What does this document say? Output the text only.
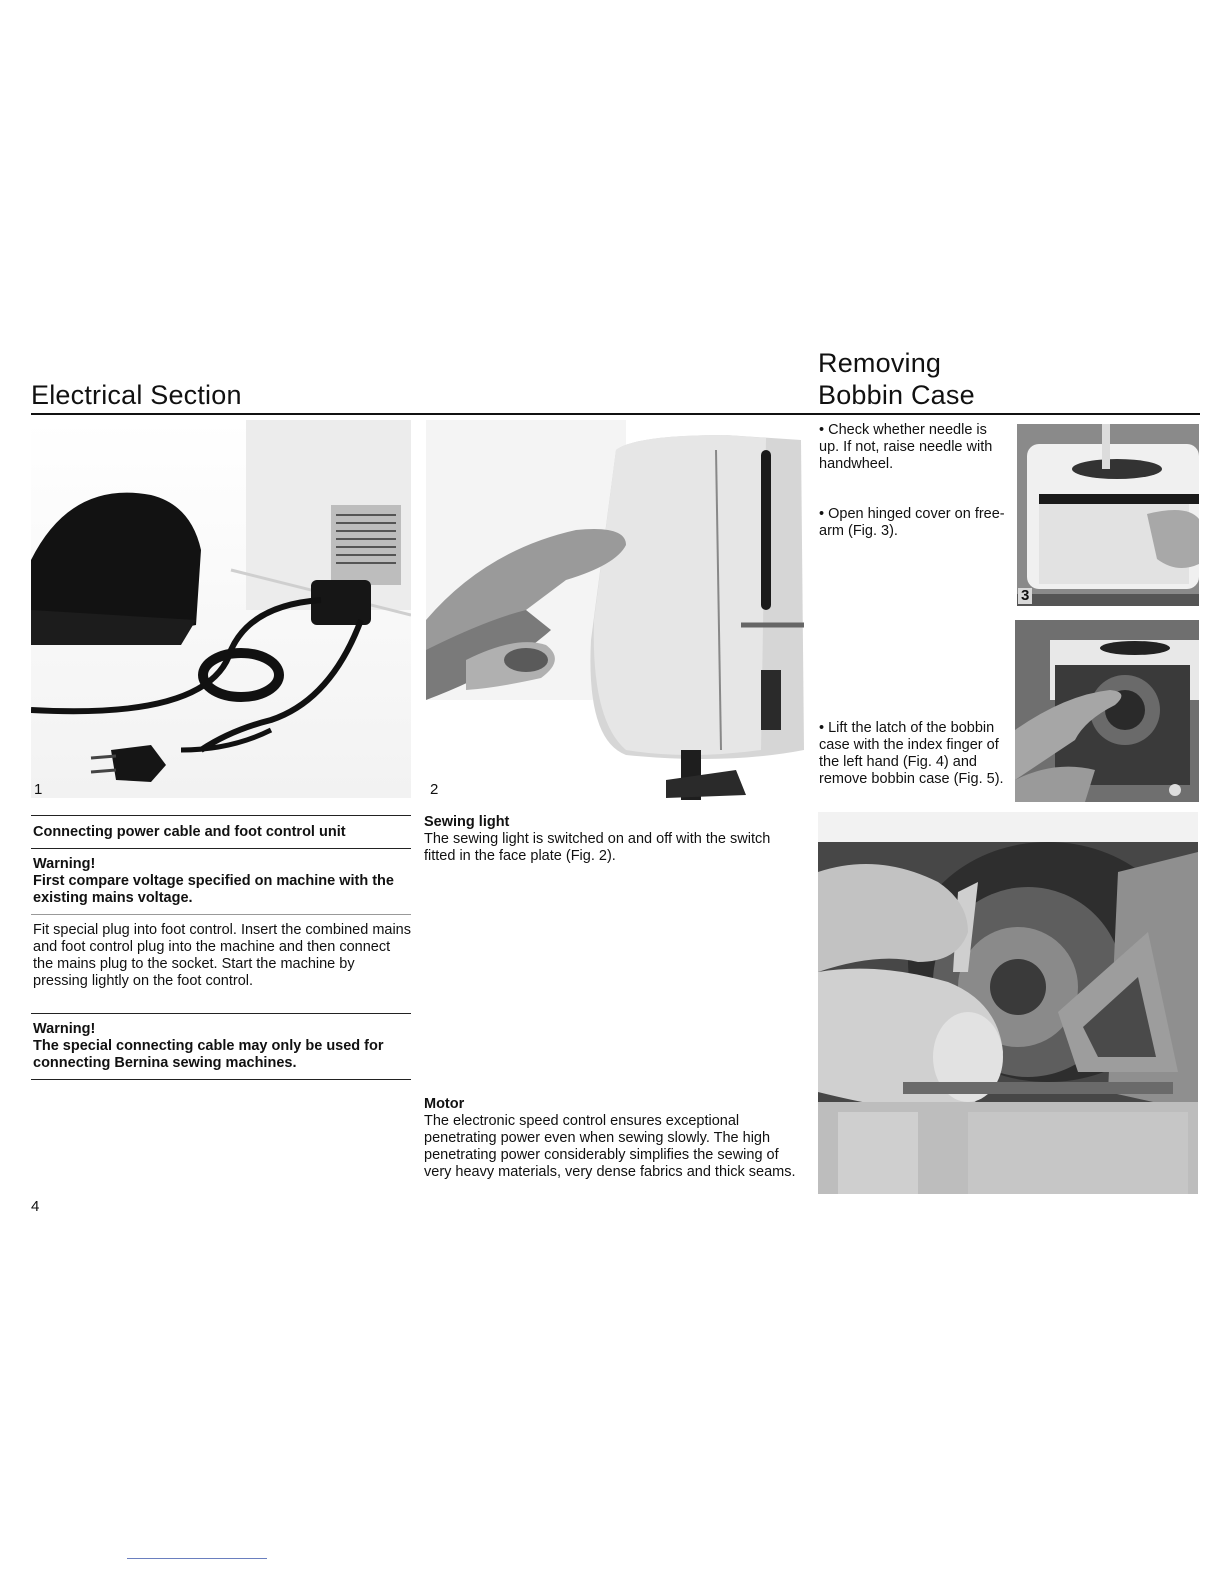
Electrical Section
Removing
Bobbin Case
1	2
3
Connecting power cable and foot control unit
Warning!
First compare voltage specified on machine with the existing mains voltage.
Fit special plug into foot control. Insert the combined mains and foot control plug into the machine and then connect the mains plug to the socket. Start the machine by pressing lightly on the foot control.
Warning!
The special connecting cable may only be used for connecting Bernina sewing machines.
Sewing light
The sewing light is switched on and off with the switch fitted in the face plate (Fig. 2).
Motor
The electronic speed control ensures exceptional penetrating power even when sewing slowly. The high penetrating power considerably simplifies the sewing of very heavy materials, very dense fabrics and thick seams.
• Check whether needle is up. If not, raise needle with handwheel.
• Open hinged cover on free-arm (Fig. 3).
• Lift the latch of the bobbin case with the index finger of the left hand (Fig. 4) and remove bobbin case (Fig. 5).
4
